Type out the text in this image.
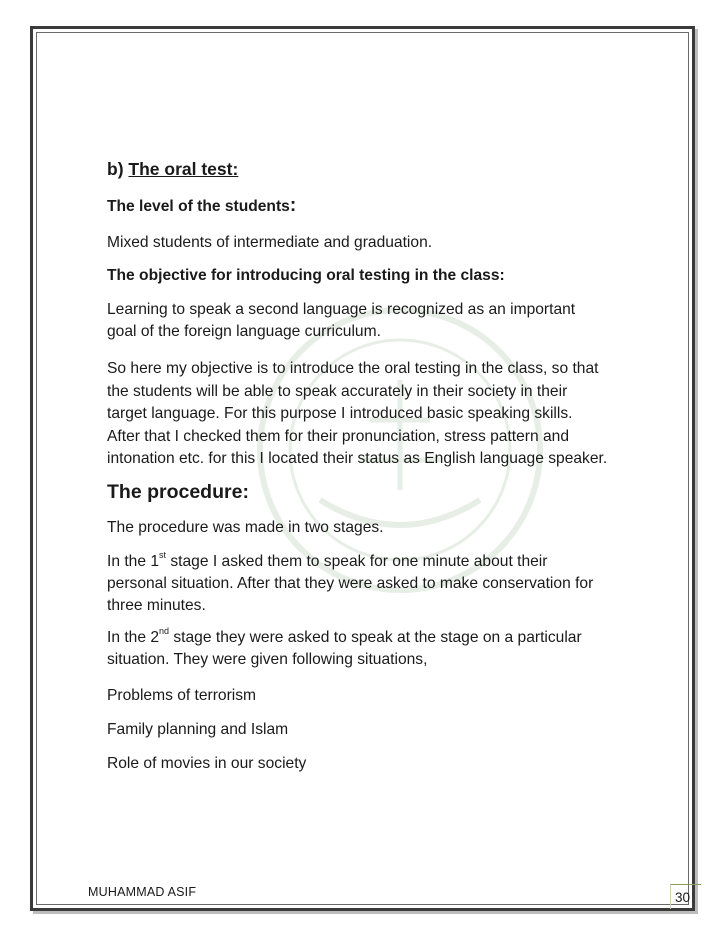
b) The oral test:
The level of the students:
Mixed students of intermediate and graduation.
The objective for introducing oral testing in the class:
Learning to speak a second language is recognized as an important
goal of the foreign language curriculum.
So here my objective is to introduce the oral testing in the class, so that
the students will be able to speak accurately in their society in their
target language. For this purpose I introduced basic speaking skills.
After that I checked them for their pronunciation, stress pattern and
intonation etc. for this I located their status as English language speaker.
The procedure:
The procedure was made in two stages.
In the 1st stage I asked them to speak for one minute about their
personal situation. After that they were asked to make conservation for
three minutes.
In the 2nd stage they were asked to speak at the stage on a particular
situation. They were given following situations,
Problems of terrorism
Family planning and Islam
Role of movies in our society
MUHAMMAD ASIF	30
